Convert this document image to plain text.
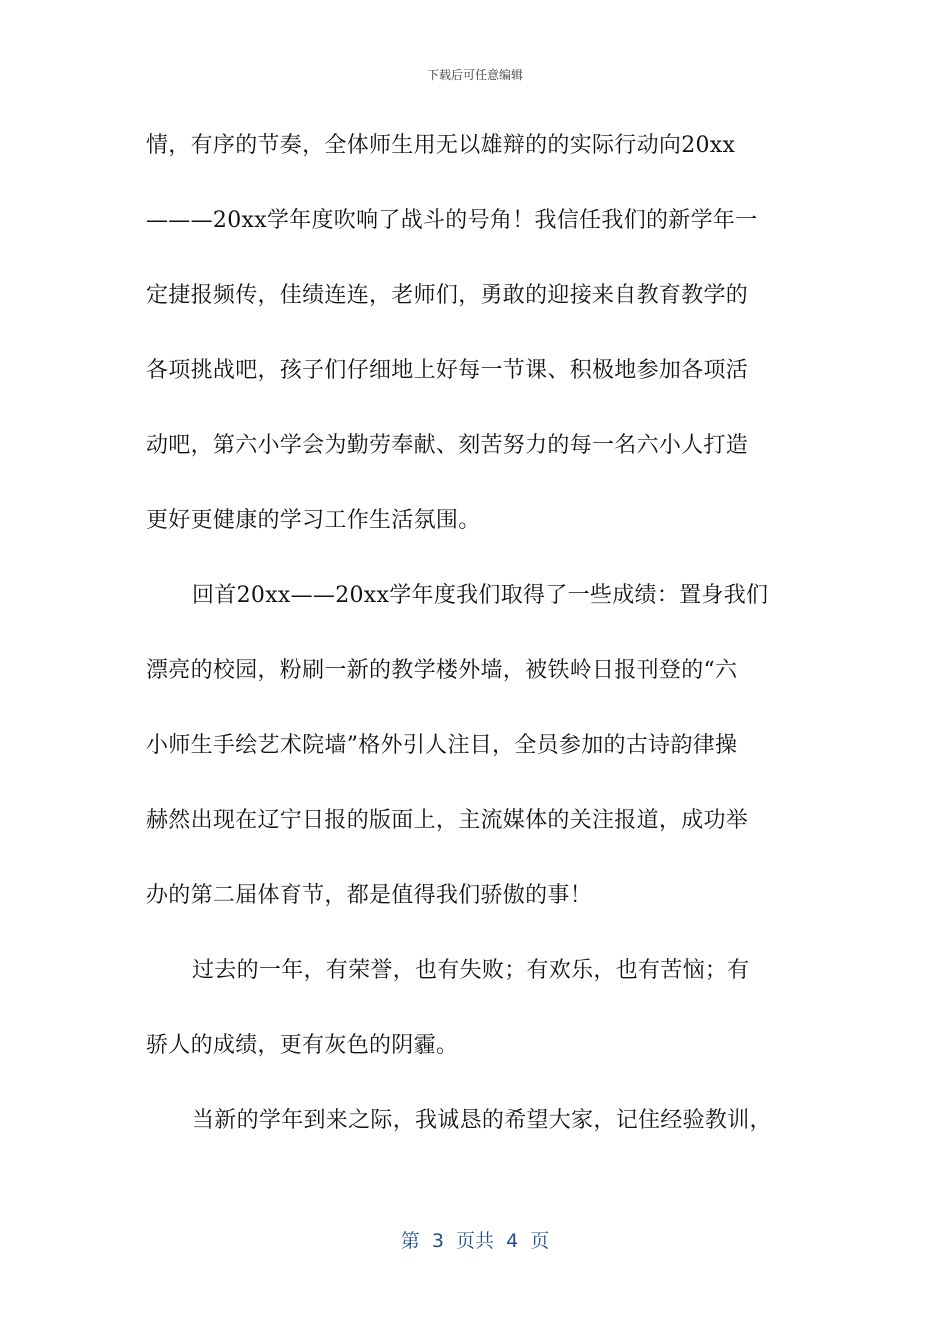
下载后可任意编辑
情，有序的节奏，全体师生用无以雄辩的的实际行动向20xx
———20xx学年度吹响了战斗的号角！我信任我们的新学年一
定捷报频传，佳绩连连，老师们，勇敢的迎接来自教育教学的
各项挑战吧，孩子们仔细地上好每一节课、积极地参加各项活
动吧，第六小学会为勤劳奉献、刻苦努力的每一名六小人打造
更好更健康的学习工作生活氛围。
回首20xx——20xx学年度我们取得了一些成绩：置身我们
漂亮的校园，粉刷一新的教学楼外墙，被铁岭日报刊登的“六
小师生手绘艺术院墙”格外引人注目，全员参加的古诗韵律操
赫然出现在辽宁日报的版面上，主流媒体的关注报道，成功举
办的第二届体育节，都是值得我们骄傲的事！
过去的一年，有荣誉，也有失败；有欢乐，也有苦恼；有
骄人的成绩，更有灰色的阴霾。
当新的学年到来之际，我诚恳的希望大家，记住经验教训，
第  3  页共  4  页
